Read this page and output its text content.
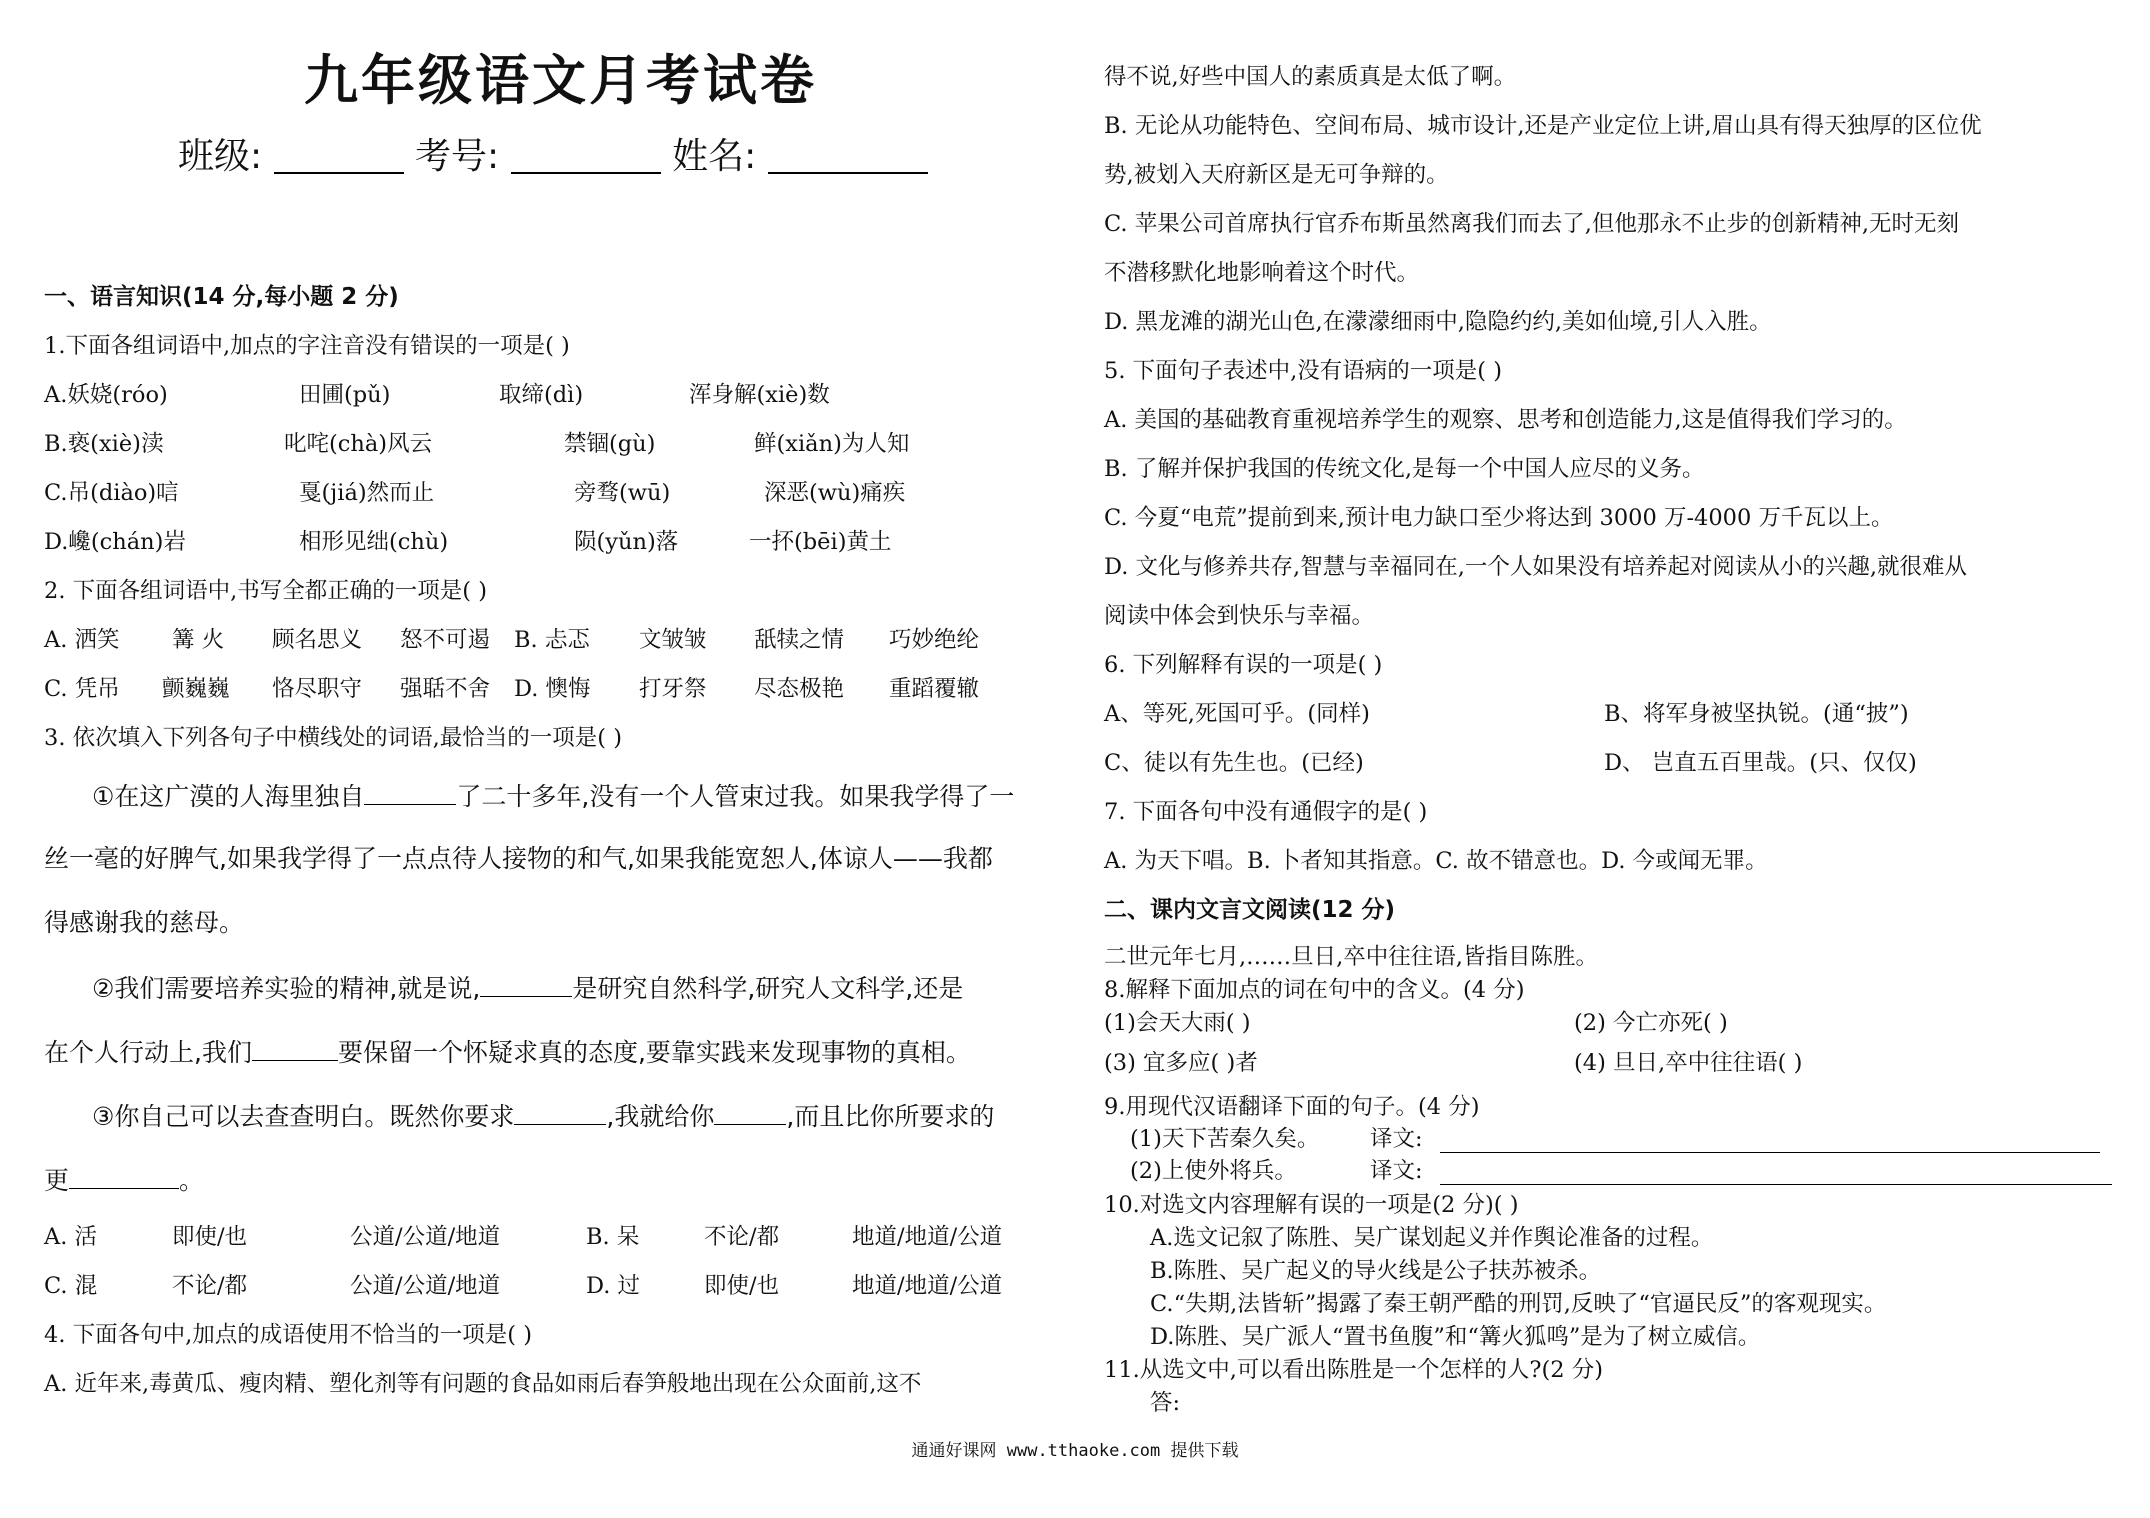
九年级语文月考试卷
班级:	考号:	姓名:
一、语言知识(14 分,每小题 2 分)
1.下面各组词语中,加点的字注音没有错误的一项是( )
A.妖娆(róo)	田圃(pǔ)	取缔(dì)	浑身解(xiè)数
B.亵(xiè)渎	叱咤(chà)风云	禁锢(gù)	鲜(xiǎn)为人知
C.吊(diào)唁	戛(jiá)然而止	旁骛(wū)	深恶(wù)痛疾
D.巉(chán)岩	相形见绌(chù)	陨(yǔn)落	一抔(bēi)黄土
2. 下面各组词语中,书写全都正确的一项是( )
A. 洒笑 篝 火 顾名思义 怒不可遏 B. 忐忑 文皱皱 舐犊之情 巧妙绝纶
C. 凭吊 颤巍巍 恪尽职守 强聒不舍 D. 懊悔 打牙祭 尽态极艳 重蹈覆辙
3. 依次填入下列各句子中横线处的词语,最恰当的一项是( )
①在这广漠的人海里独自	了二十多年,没有一个人管束过我。如果我学得了一
丝一毫的好脾气,如果我学得了一点点待人接物的和气,如果我能宽恕人,体谅人——我都
得感谢我的慈母。
②我们需要培养实验的精神,就是说,	是研究自然科学,研究人文科学,还是
在个人行动上,我们	要保留一个怀疑求真的态度,要靠实践来发现事物的真相。
③你自己可以去查查明白。既然你要求	,我就给你	,而且比你所要求的
更	。
A. 活	即使/也	公道/公道/地道	B. 呆	不论/都	地道/地道/公道
C. 混	不论/都	公道/公道/地道	D. 过	即使/也	地道/地道/公道
4. 下面各句中,加点的成语使用不恰当的一项是( )
A. 近年来,毒黄瓜、瘦肉精、塑化剂等有问题的食品如雨后春笋般地出现在公众面前,这不
得不说,好些中国人的素质真是太低了啊。
B. 无论从功能特色、空间布局、城市设计,还是产业定位上讲,眉山具有得天独厚的区位优
势,被划入天府新区是无可争辩的。
C. 苹果公司首席执行官乔布斯虽然离我们而去了,但他那永不止步的创新精神,无时无刻
不潜移默化地影响着这个时代。
D. 黑龙滩的湖光山色,在濛濛细雨中,隐隐约约,美如仙境,引人入胜。
5. 下面句子表述中,没有语病的一项是( )
A. 美国的基础教育重视培养学生的观察、思考和创造能力,这是值得我们学习的。
B. 了解并保护我国的传统文化,是每一个中国人应尽的义务。
C. 今夏“电荒”提前到来,预计电力缺口至少将达到 3000 万-4000 万千瓦以上。
D. 文化与修养共存,智慧与幸福同在,一个人如果没有培养起对阅读从小的兴趣,就很难从
阅读中体会到快乐与幸福。
6. 下列解释有误的一项是( )
A、等死,死国可乎。(同样)	B、将军身被坚执锐。(通“披”)
C、徒以有先生也。(已经)	D、 岂直五百里哉。(只、仅仅)
7. 下面各句中没有通假字的是( )
A. 为天下唱。B. 卜者知其指意。C. 故不错意也。D. 今或闻无罪。
二、课内文言文阅读(12 分)
二世元年七月,……旦日,卒中往往语,皆指目陈胜。
8.解释下面加点的词在句中的含义。(4 分)
(1)会天大雨( )	(2) 今亡亦死( )
(3) 宜多应( )者	(4) 旦日,卒中往往语( )
9.用现代汉语翻译下面的句子。(4 分)
(1)天下苦秦久矣。 译文:
(2)上使外将兵。	译文:
10.对选文内容理解有误的一项是(2 分)( )
A.选文记叙了陈胜、吴广谋划起义并作舆论准备的过程。
B.陈胜、吴广起义的导火线是公子扶苏被杀。
C.“失期,法皆斩”揭露了秦王朝严酷的刑罚,反映了“官逼民反”的客观现实。
D.陈胜、吴广派人“置书鱼腹”和“篝火狐鸣”是为了树立威信。
11.从选文中,可以看出陈胜是一个怎样的人?(2 分)
答:
通通好课网 www.tthaoke.com 提供下载
